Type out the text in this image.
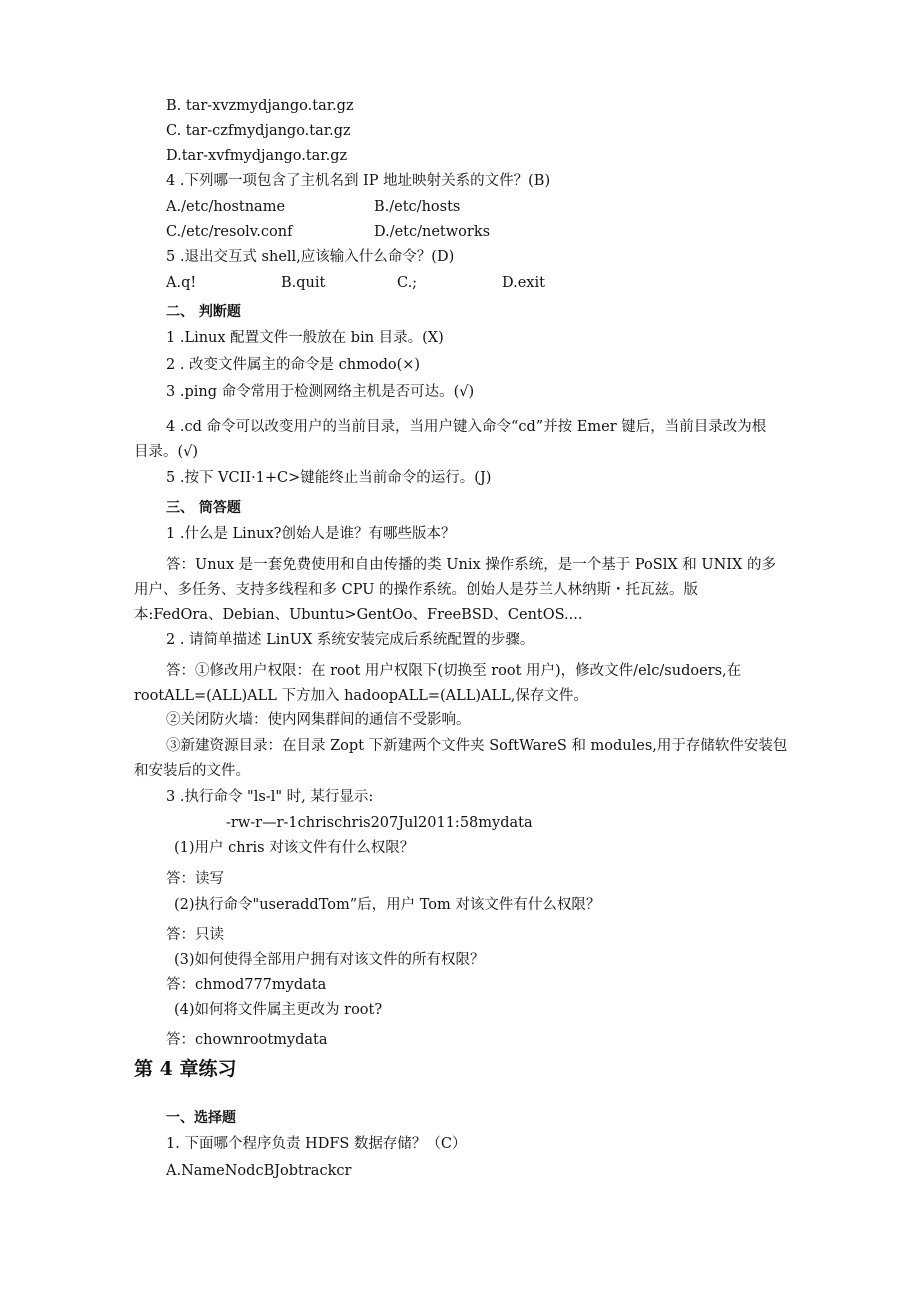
B. tar-xvzmydjango.tar.gz
C. tar-czfmydjango.tar.gz
D.tar-xvfmydjango.tar.gz
4 .下列哪一项包含了主机名到 IP 地址映射关系的文件？(B)
A./etc/hostname	B./etc/hosts
C./etc/resolv.conf	D./etc/networks
5 .退出交互式 shell,应该输入什么命令？(D)
A.q!	B.quit	C.;	D.exit
二、 判断题
1 .Linux 配置文件一般放在 bin 目录。(X)
2 . 改变文件属主的命令是 chmodo(×)
3 .ping 命令常用于检测网络主机是否可达。(√)
4 .cd 命令可以改变用户的当前目录，当用户键入命令“cd”并按 Emer 键后，当前目录改为根
目录。(√)
5 .按下 VCII·1+C>键能终止当前命令的运行。(J)
三、 筒答题
1 .什么是 Linux?创始人是谁？有哪些版本？
答：Unux 是一套免费使用和自由传播的类 Unix 操作系统，是一个基于 PoSlX 和 UNIX 的多
用户、多任务、支持多线程和多 CPU 的操作系统。创始人是芬兰人林纳斯・托瓦兹。版
本:FedOra、Debian、Ubuntu>GentOo、FreeBSD、CentOS....
2 . 请简单描述 LinUX 系统安装完成后系统配置的步骤。
答：①修改用户权限：在 root 用户权限下(切换至 root 用户)，修改文件/elc/sudoers,在
rootALL=(ALL)ALL 下方加入 hadoopALL=(ALL)ALL,保存文件。
②关闭防火墙：使内网集群间的通信不受影响。
③新建资源目录：在目录 Zopt 下新建两个文件夹 SoftWareS 和 modules,用于存储软件安装包
和安装后的文件。
3 .执行命令 "ls-l" 时, 某行显示:
-rw-r—r-1chrischris207Jul2011:58mydata
(1)用户 chris 对该文件有什么权限？
答：读写
(2)执行命令"useraddTom”后，用户 Tom 对该文件有什么权限？
答：只读
(3)如何使得全部用户拥有对该文件的所有权限？
答：chmod777mydata
(4)如何将文件属主更改为 root?
答：chownrootmydata
第 4 章练习
一、选择题
1. 下面哪个程序负责 HDFS 数据存储？（C）
A.NameNodcBJobtrackcr
